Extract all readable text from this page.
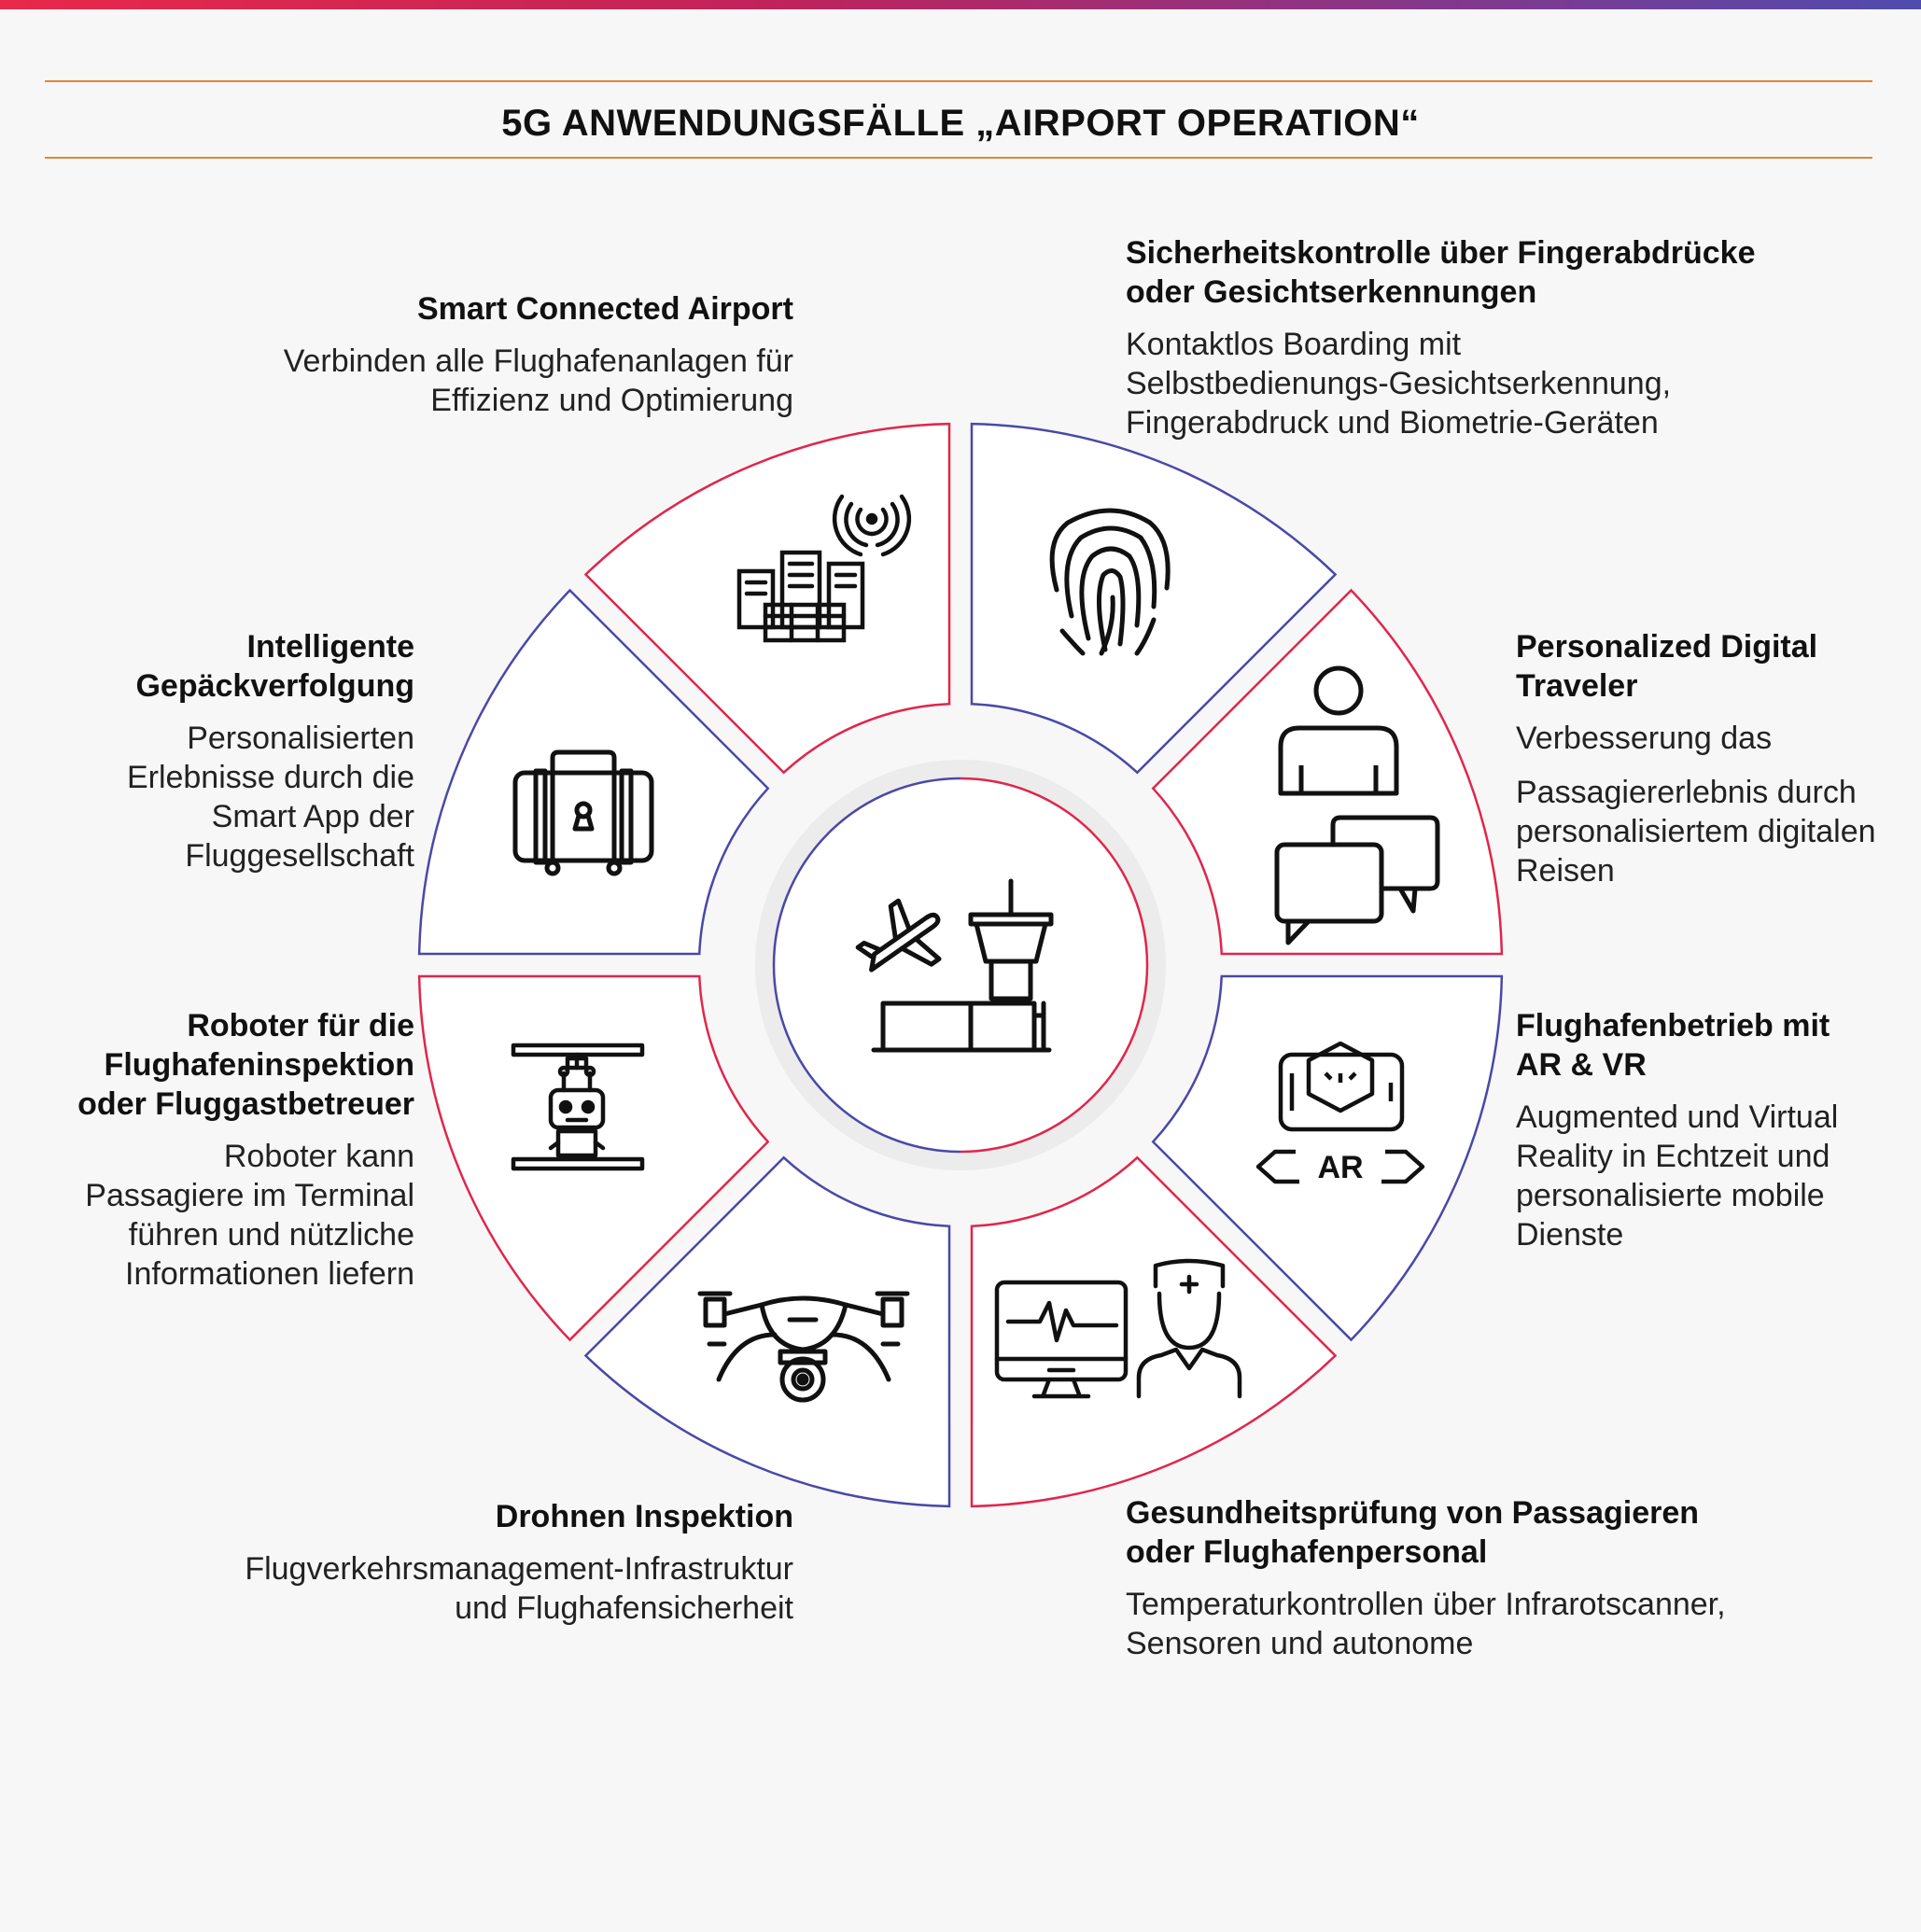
5G ANWENDUNGSFÄLLE „AIRPORT OPERATION“
AR

Smart Connected Airport

Verbinden alle Flughafenanlagen für
Effizienz und Optimierung

Sicherheitskontrolle über Fingerabdrücke
oder Gesichtserkennungen

Kontaktlos Boarding mit
Selbstbedienungs-Gesichtserkennung,
Fingerabdruck und Biometrie-Geräten

Personalized Digital
Traveler

Verbesserung das

Passagiererlebnis durch
personalisiertem digitalen
Reisen

Flughafenbetrieb mit
AR & VR

Augmented und Virtual
Reality in Echtzeit und
personalisierte mobile
Dienste

Gesundheitsprüfung von Passagieren
oder Flughafenpersonal

Temperaturkontrollen über Infrarotscanner,
Sensoren und autonome

Drohnen Inspektion

Flugverkehrsmanagement-Infrastruktur
und Flughafensicherheit

Roboter für die
Flughafeninspektion
oder Fluggastbetreuer

Roboter kann
Passagiere im Terminal
führen und nützliche
Informationen liefern

Intelligente
Gepäckverfolgung

Personalisierten
Erlebnisse durch die
Smart App der
Fluggesellschaft
